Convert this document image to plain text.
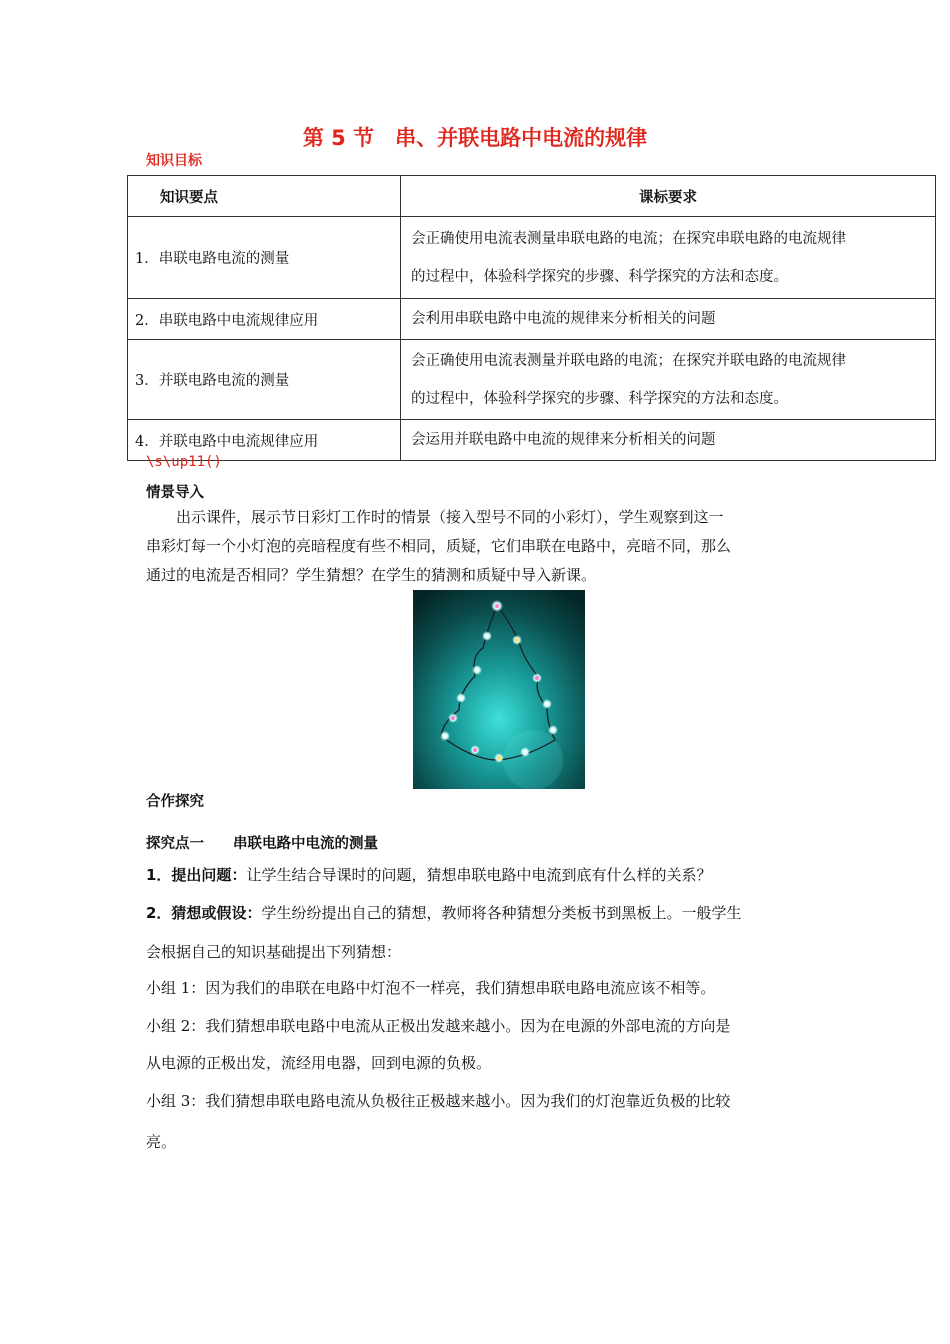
第 5 节　串、并联电路中电流的规律
知识目标
知识要点	课标要求
1．串联电路电流的测量	会正确使用电流表测量串联电路的电流；在探究串联电路的电流规律
的过程中，体验科学探究的步骤、科学探究的方法和态度。

2．串联电路中电流规律应用	会利用串联电路中电流的规律来分析相关的问题

3．并联电路电流的测量	会正确使用电流表测量并联电路的电流；在探究并联电路的电流规律
的过程中，体验科学探究的步骤、科学探究的方法和态度。

4．并联电路中电流规律应用	会运用并联电路中电流的规律来分析相关的问题
\s\up11()
情景导入
出示课件，展示节日彩灯工作时的情景（接入型号不同的小彩灯），学生观察到这一
串彩灯每一个小灯泡的亮暗程度有些不相同，质疑，它们串联在电路中，亮暗不同，那么
通过的电流是否相同？学生猜想？在学生的猜测和质疑中导入新课。
合作探究
探究点一　　串联电路中电流的测量
1．提出问题：让学生结合导课时的问题，猜想串联电路中电流到底有什么样的关系？
2．猜想或假设：学生纷纷提出自己的猜想，教师将各种猜想分类板书到黑板上。一般学生
会根据自己的知识基础提出下列猜想：
小组 1：因为我们的串联在电路中灯泡不一样亮，我们猜想串联电路电流应该不相等。
小组 2：我们猜想串联电路中电流从正极出发越来越小。因为在电源的外部电流的方向是
从电源的正极出发，流经用电器，回到电源的负极。
小组 3：我们猜想串联电路电流从负极往正极越来越小。因为我们的灯泡靠近负极的比较
亮。
